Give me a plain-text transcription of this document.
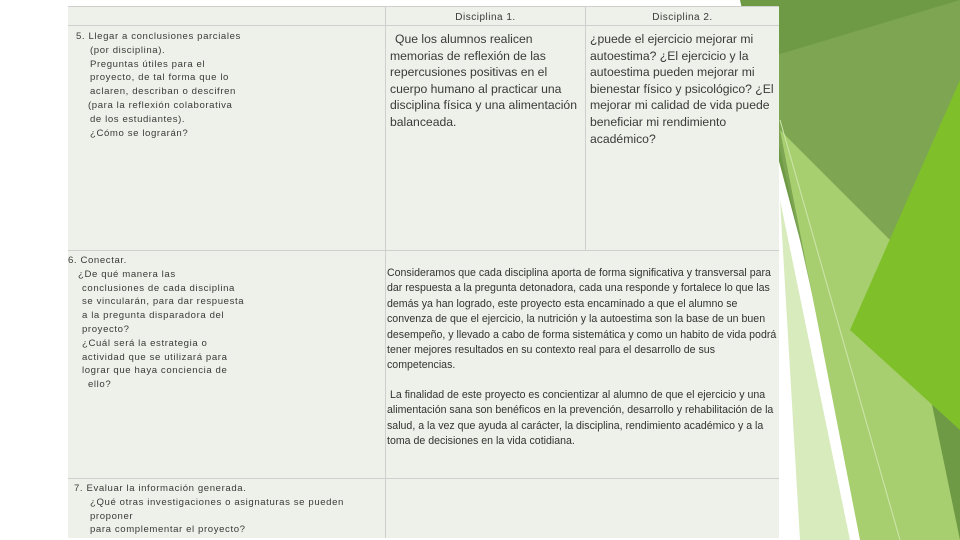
Disciplina 1.	Disciplina 2.
5. Llegar a conclusiones parciales
(por disciplina).
Preguntas útiles para el
proyecto, de tal forma que lo
aclaren, describan o descifren
(para la reflexión colaborativa
de los estudiantes).
¿Cómo se lograrán?
Que los alumnos realicen memorias de reflexión de las repercusiones positivas en el cuerpo humano al practicar una disciplina física y una alimentación balanceada.
¿puede el ejercicio mejorar mi autoestima? ¿El ejercicio y la autoestima pueden mejorar mi bienestar físico y psicológico? ¿El mejorar mi calidad de vida puede beneficiar mi rendimiento académico?
6. Conectar.
¿De qué manera las
conclusiones de cada disciplina
se vincularán, para dar respuesta
a la pregunta disparadora del
proyecto?
¿Cuál será la estrategia o
actividad que se utilizará para
lograr que haya conciencia de
ello?

Consideramos que cada disciplina aporta de forma significativa y transversal para dar respuesta a la pregunta detonadora, cada una responde y fortalece lo que las demás ya han logrado, este proyecto esta encaminado a que el alumno se convenza de que el ejercicio, la nutrición y la autoestima son la base de un buen desempeño, y llevado a cabo de forma sistemática y como un habito de vida podrá tener mejores resultados en su contexto real para el desarrollo de sus competencias.

La finalidad de este proyecto es concientizar al alumno de que el ejercicio y una alimentación sana son benéficos en la prevención, desarrollo y rehabilitación de la salud, a la vez que ayuda al carácter, la disciplina, rendimiento académico y a la toma de decisiones en la vida cotidiana.

7. Evaluar la información generada.
¿Qué otras investigaciones o asignaturas se pueden proponer
para complementar el proyecto?
